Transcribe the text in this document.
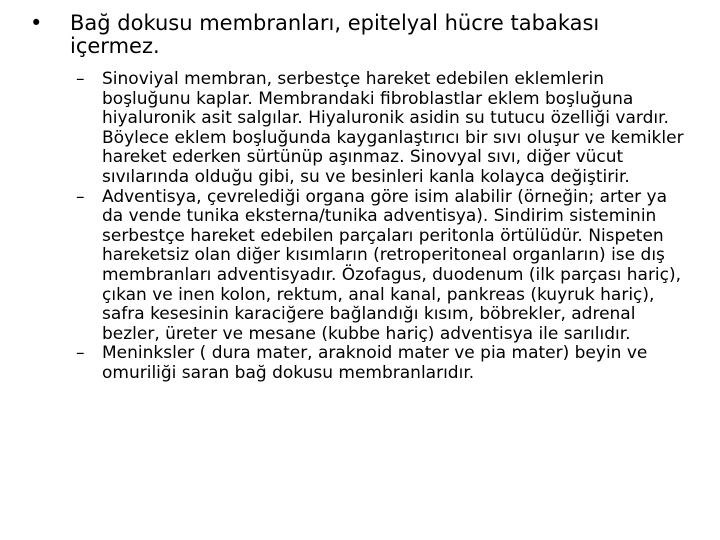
• Bağ dokusu membranları, epitelyal hücre tabakası içermez.
– Sinoviyal membran, serbestçe hareket edebilen eklemlerin boşluğunu kaplar. Membrandaki fibroblastlar eklem boşluğuna hiyaluronik asit salgılar. Hiyaluronik asidin su tutucu özelliği vardır. Böylece eklem boşluğunda kayganlaştırıcı bir sıvı oluşur ve kemikler hareket ederken sürtünüp aşınmaz. Sinovyal sıvı, diğer vücut sıvılarında olduğu gibi, su ve besinleri kanla kolayca değiştirir.
– Adventisya, çevrelediği organa göre isim alabilir (örneğin; arter ya da vende tunika eksterna/tunika adventisya). Sindirim sisteminin serbestçe hareket edebilen parçaları peritonla örtülüdür. Nispeten hareketsiz olan diğer kısımların (retroperitoneal organların) ise dış membranları adventisyadır. Özofagus, duodenum (ilk parçası hariç), çıkan ve inen kolon, rektum, anal kanal, pankreas (kuyruk hariç), safra kesesinin karaciğere bağlandığı kısım, böbrekler, adrenal bezler, üreter ve mesane (kubbe hariç) adventisya ile sarılıdır.
– Meninksler ( dura mater, araknoid mater ve pia mater) beyin ve omuriliği saran bağ dokusu membranlarıdır.
